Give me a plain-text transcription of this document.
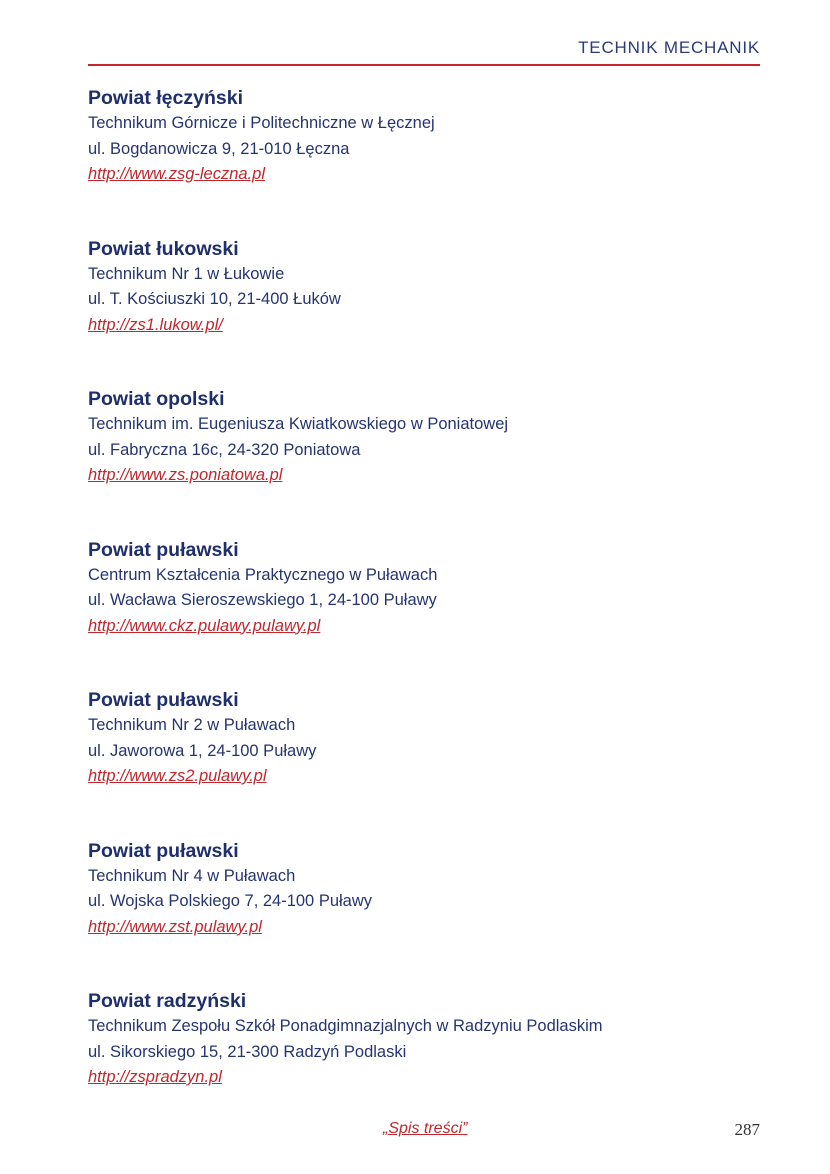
TECHNIK MECHANIK
Powiat łęczyński
Technikum Górnicze i Politechniczne w Łęcznej
ul. Bogdanowicza 9, 21-010 Łęczna
http://www.zsg-leczna.pl
Powiat łukowski
Technikum Nr 1 w Łukowie
ul. T. Kościuszki 10, 21-400 Łuków
http://zs1.lukow.pl/
Powiat opolski
Technikum im. Eugeniusza Kwiatkowskiego w Poniatowej
ul. Fabryczna 16c, 24-320 Poniatowa
http://www.zs.poniatowa.pl
Powiat puławski
Centrum Kształcenia Praktycznego w Puławach
ul. Wacława Sieroszewskiego 1, 24-100 Puławy
http://www.ckz.pulawy.pulawy.pl
Powiat puławski
Technikum Nr 2 w Puławach
ul. Jaworowa 1, 24-100 Puławy
http://www.zs2.pulawy.pl
Powiat puławski
Technikum Nr 4 w Puławach
ul. Wojska Polskiego 7, 24-100 Puławy
http://www.zst.pulawy.pl
Powiat radzyński
Technikum Zespołu Szkół Ponadgimnazjalnych w Radzyniu Podlaskim
ul. Sikorskiego 15, 21-300 Radzyń Podlaski
http://zspradzyn.pl
„Spis treści”	287
